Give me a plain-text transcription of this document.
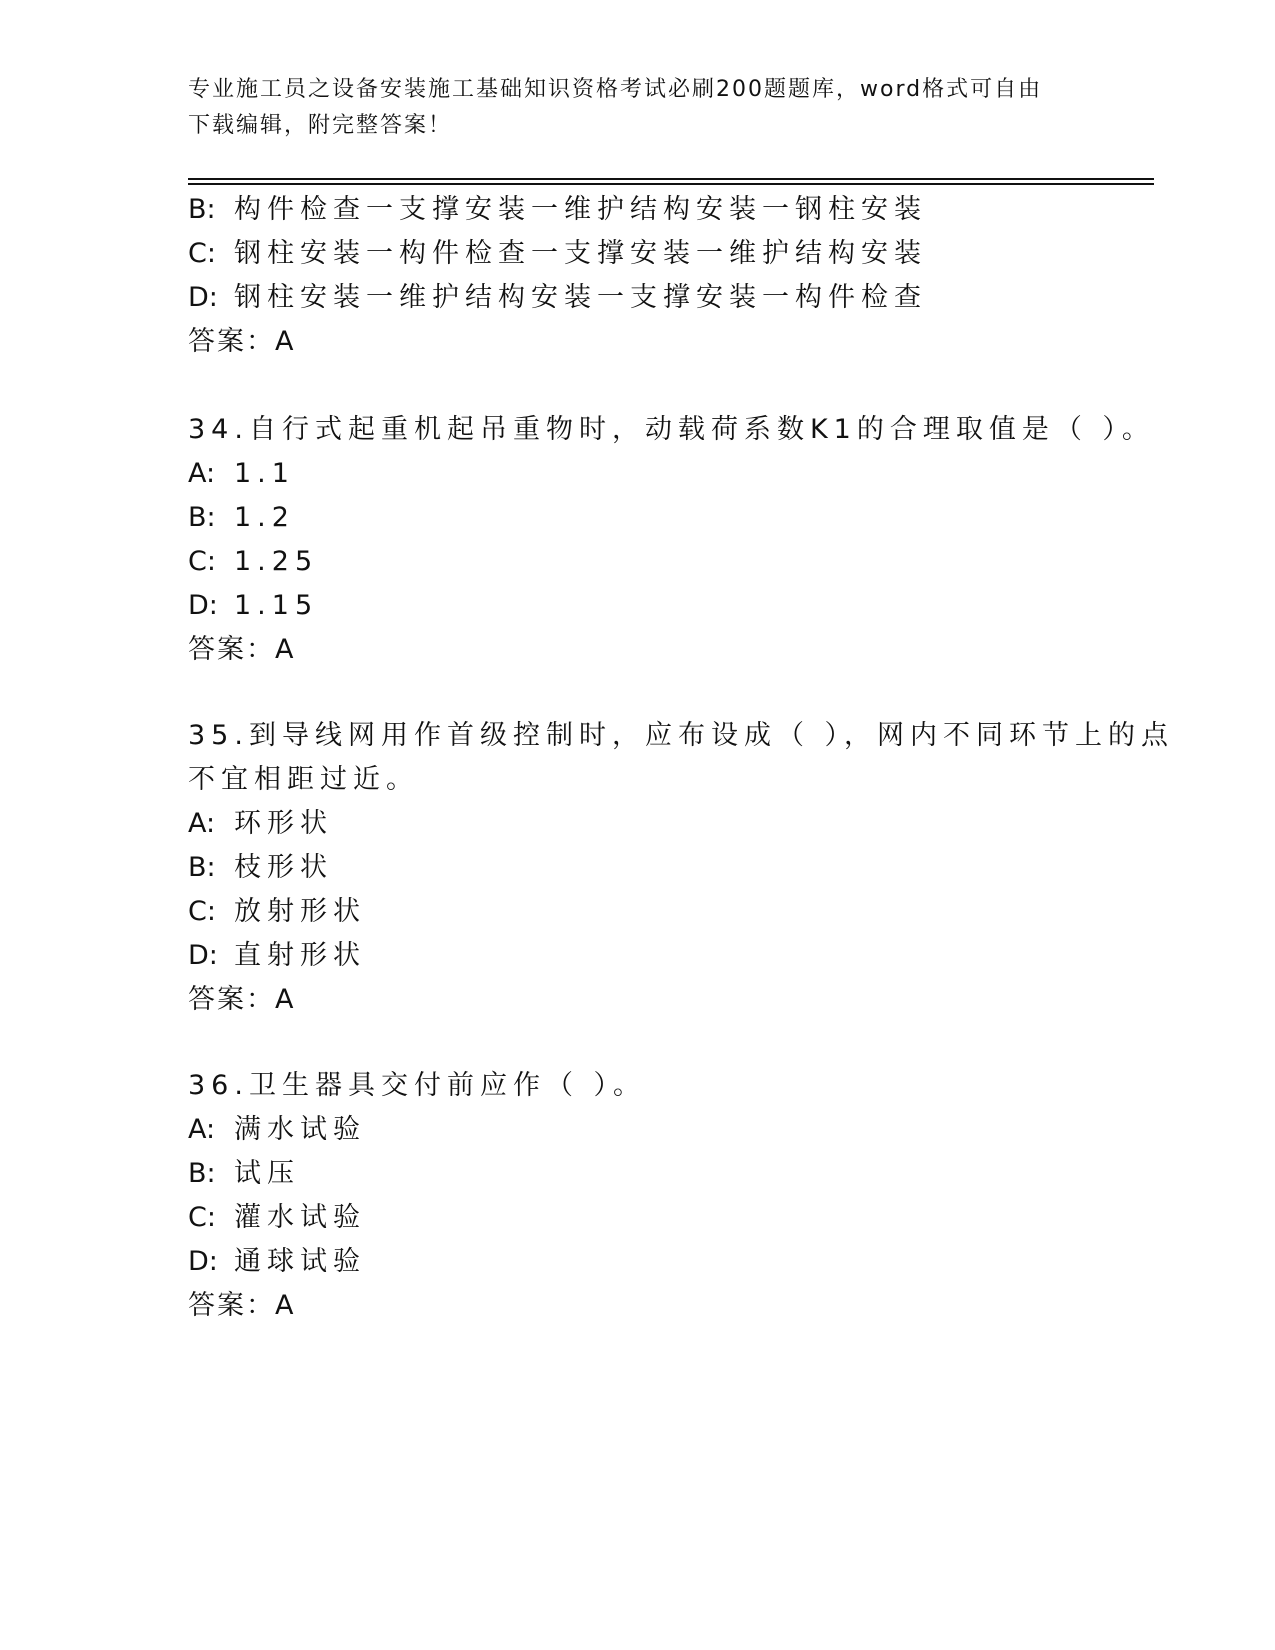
专业施工员之设备安装施工基础知识资格考试必刷200题题库，word格式可自由
下载编辑，附完整答案！
B: 构件检查一支撑安装一维护结构安装一钢柱安装
C: 钢柱安装一构件检查一支撑安装一维护结构安装
D: 钢柱安装一维护结构安装一支撑安装一构件检查
答案：A
34.自行式起重机起吊重物时，动载荷系数K1的合理取值是（ ）。
A: 1.1
B: 1.2
C: 1.25
D: 1.15
答案：A
35.到导线网用作首级控制时，应布设成（ ），网内不同环节上的点
不宜相距过近。
A: 环形状
B: 枝形状
C: 放射形状
D: 直射形状
答案：A
36.卫生器具交付前应作（ ）。
A: 满水试验
B: 试压
C: 灌水试验
D: 通球试验
答案：A
